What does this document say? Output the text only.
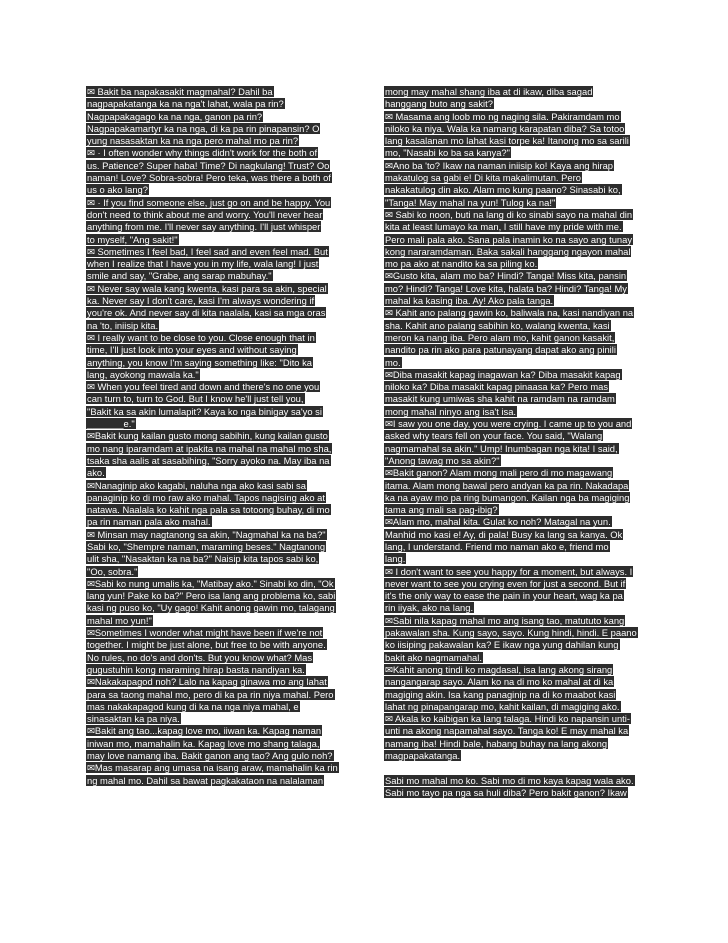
✉ Bakit ba napakasakit magmahal? Dahil ba
nagpapakatanga ka na nga't lahat, wala pa rin?
Nagpapakagago ka na nga, ganon pa rin?
Nagpapakamartyr ka na nga, di ka pa rin pinapansin? O
yung nasasaktan ka na nga pero mahal mo pa rin?
✉ · I often wonder why things didn't work for the both of
us. Patience? Super haba! Time? Di nagkulang! Trust? Oo
naman! Love? Sobra-sobra! Pero teka, was there a both of
us o ako lang?
✉ · If you find someone else, just go on and be happy. You
don't need to think about me and worry. You'll never hear
anything from me. I'll never say anything. I'll just whisper
to myself, "Ang sakit!"
✉ Sometimes I feel bad, I feel sad and even feel mad. But
when I realize that I have you in my life, wala lang! I just
smile and say, "Grabe, ang sarap mabuhay."
✉ Never say wala kang kwenta, kasi para sa akin, special
ka. Never say I don't care, kasi I'm always wondering if
you're ok. And never say di kita naalala, kasi sa mga oras
na 'to, iniisip kita.
✉ I really want to be close to you. Close enough that in
time, I'll just look into your eyes and without saying
anything, you know I'm saying something like: "Dito ka
lang, ayokong mawala ka."
✉ When you feel tired and down and there's no one you
can turn to, turn to God. But I know he'll just tell you,
"Bakit ka sa akin lumalapit? Kaya ko nga binigay sa'yo si
_______e."
✉Bakit kung kailan gusto mong sabihin, kung kailan gusto
mo nang iparamdam at ipakita na mahal na mahal mo sha,
tsaka sha aalis at sasabihing, "Sorry ayoko na. May iba na
ako.
✉Nanaginip ako kagabi, naluha nga ako kasi sabi sa
panaginip ko di mo raw ako mahal. Tapos nagising ako at
natawa. Naalala ko kahit nga pala sa totoong buhay, di mo
pa rin naman pala ako mahal.
✉ Minsan may nagtanong sa akin, "Nagmahal ka na ba?"
Sabi ko, "Shempre naman, maraming beses." Nagtanong
ulit sha, "Nasaktan ka na ba?" Naisip kita tapos sabi ko,
"Oo, sobra."
✉Sabi ko nung umalis ka, "Matibay ako." Sinabi ko din, "Ok
lang yun! Pake ko ba?" Pero isa lang ang problema ko, sabi
kasi ng puso ko, "Uy gago! Kahit anong gawin mo, talagang
mahal mo yun!"
✉Sometimes I wonder what might have been if we're not
together. I might be just alone, but free to be with anyone.
No rules, no do's and don'ts. But you know what? Mas
gugustuhin kong maraming hirap basta nandiyan ka.
✉Nakakapagod noh? Lalo na kapag ginawa mo ang lahat
para sa taong mahal mo, pero di ka pa rin niya mahal. Pero
mas nakakapagod kung di ka na nga niya mahal, e
sinasaktan ka pa niya.
✉Bakit ang tao...kapag love mo, iiwan ka. Kapag naman
iniwan mo, mamahalin ka. Kapag love mo shang talaga,
may love namang iba. Bakit ganon ang tao? Ang gulo noh?
✉Mas masarap ang umasa na isang araw, mamahalin ka rin
ng mahal mo. Dahil sa bawat pagkakataon na nalalaman
mong may mahal shang iba at di ikaw, diba sagad
hanggang buto ang sakit?
✉ Masama ang loob mo ng naging sila. Pakiramdam mo
niloko ka niya. Wala ka namang karapatan diba? Sa totoo
lang kasalanan mo lahat kasi torpe ka! Itanong mo sa sarili
mo, "Nasabi ko ba sa kanya?"
✉Ano ba 'to? Ikaw na naman iniisip ko! Kaya ang hirap
makatulog sa gabi e! Di kita makalimutan. Pero
nakakatulog din ako. Alam mo kung paano? Sinasabi ko,
"Tanga! May mahal na yun! Tulog ka na!"
✉ Sabi ko noon, buti na lang di ko sinabi sayo na mahal din
kita at least lumayo ka man, I still have my pride with me.
Pero mali pala ako. Sana pala inamin ko na sayo ang tunay
kong nararamdaman. Baka sakali hanggang ngayon mahal
mo pa ako at nandito ka sa piling ko.
✉Gusto kita, alam mo ba? Hindi? Tanga! Miss kita, pansin
mo? Hindi? Tanga! Love kita, halata ba? Hindi? Tanga! My
mahal ka kasing iba. Ay! Ako pala tanga.
✉ Kahit ano palang gawin ko, baliwala na, kasi nandiyan na
sha. Kahit ano palang sabihin ko, walang kwenta, kasi
meron ka nang iba. Pero alam mo, kahit ganon kasakit,
nandito pa rin ako para patunayang dapat ako ang pinili
mo.
✉Diba masakit kapag inagawan ka? Diba masakit kapag
niloko ka? Diba masakit kapag pinaasa ka? Pero mas
masakit kung umiwas sha kahit na ramdam na ramdam
mong mahal ninyo ang isa't isa.
✉I saw you one day, you were crying. I came up to you and
asked why tears fell on your face. You said, "Walang
nagmamahal sa akin." Ump! Inumbagan nga kita! I said,
"Anong tawag mo sa akin?"
✉Bakit ganon? Alam mong mali pero di mo magawang
itama. Alam mong bawal pero andyan ka pa rin. Nakadapa
ka na ayaw mo pa ring bumangon. Kailan nga ba magiging
tama ang mali sa pag-ibig?
✉Alam mo, mahal kita. Gulat ko noh? Matagal na yun.
Manhid mo kasi e! Ay, di pala! Busy ka lang sa kanya. Ok
lang, I understand. Friend mo naman ako e, friend mo
lang.
✉ I don't want to see you happy for a moment, but always. I
never want to see you crying even for just a second. But if
it's the only way to ease the pain in your heart, wag ka pa
rin iiyak, ako na lang.
✉Sabi nila kapag mahal mo ang isang tao, matututo kang
pakawalan sha. Kung sayo, sayo. Kung hindi, hindi. E paano
ko iisiping pakawalan ka? E ikaw nga yung dahilan kung
bakit ako nagmamahal.
✉Kahit anong tindi ko magdasal, isa lang akong sirang
nangangarap sayo. Alam ko na di mo ko mahal at di ka
magiging akin. Isa kang panaginip na di ko maabot kasi
lahat ng pinapangarap mo, kahit kailan, di magiging ako.
✉ Akala ko kaibigan ka lang talaga. Hindi ko napansin unti-
unti na akong napamahal sayo. Tanga ko! E may mahal ka
namang iba! Hindi bale, habang buhay na lang akong
magpapakatanga.
Sabi mo mahal mo ko. Sabi mo di mo kaya kapag wala ako.
Sabi mo tayo pa nga sa huli diba? Pero bakit ganon? Ikaw
